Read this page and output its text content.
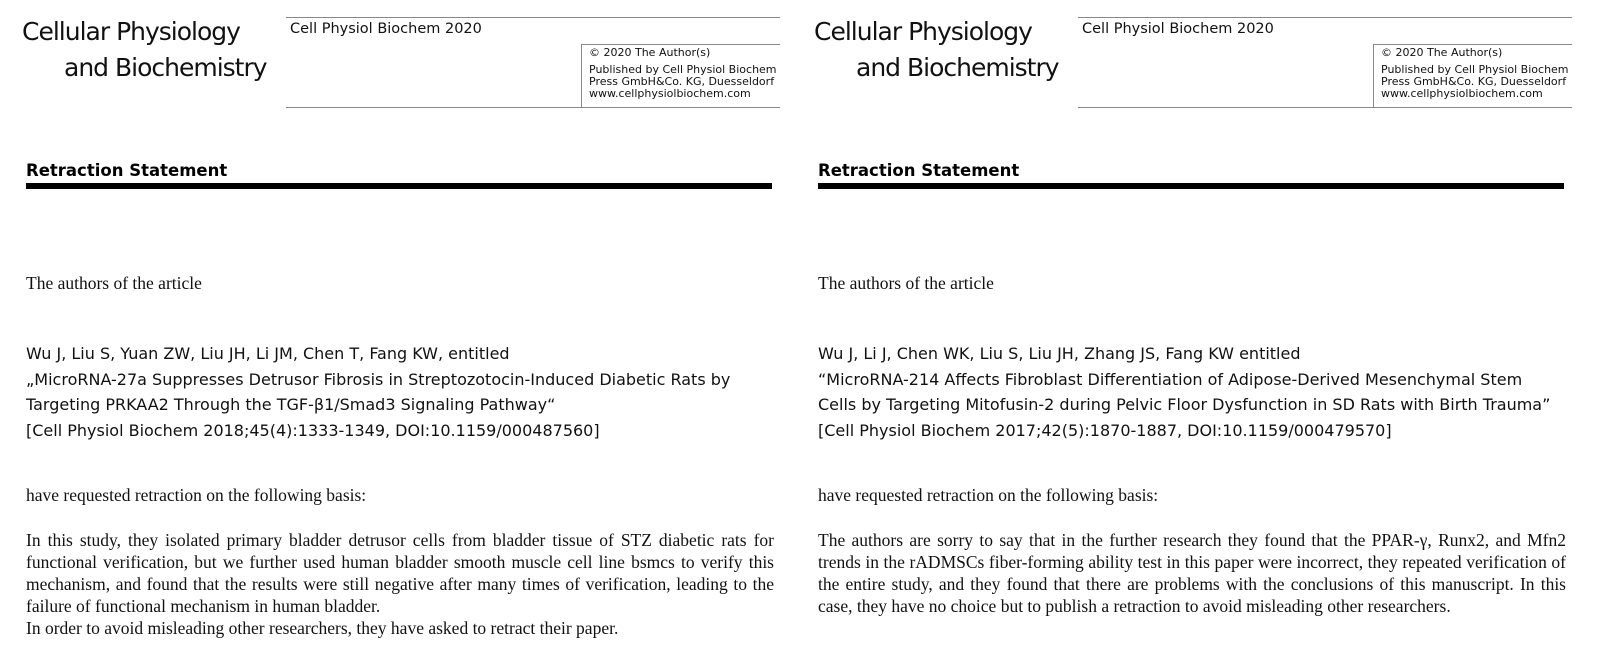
Cellular Physiology
and Biochemistry
Cell Physiol Biochem 2020
© 2020 The Author(s)
Published by Cell Physiol Biochem
Press GmbH&Co. KG, Duesseldorf
www.cellphysiolbiochem.com
Retraction Statement
The authors of the article
Wu J, Liu S, Yuan ZW, Liu JH, Li JM, Chen T, Fang KW, entitled
„MicroRNA-27a Suppresses Detrusor Fibrosis in Streptozotocin-Induced Diabetic Rats by
Targeting PRKAA2 Through the TGF-β1/Smad3 Signaling Pathway“
[Cell Physiol Biochem 2018;45(4):1333-1349, DOI:10.1159/000487560]
have requested retraction on the following basis:

In this study, they isolated primary bladder detrusor cells from bladder tissue of STZ diabetic rats for functional verification, but we further used human bladder smooth muscle cell line bsmcs to verify this mechanism, and found that the results were still negative after many times of verification, leading to the failure of functional mechanism in human bladder.

In order to avoid misleading other researchers, they have asked to retract their paper.

Cellular Physiology
and Biochemistry
Cell Physiol Biochem 2020
© 2020 The Author(s)
Published by Cell Physiol Biochem
Press GmbH&Co. KG, Duesseldorf
www.cellphysiolbiochem.com
Retraction Statement
The authors of the article
Wu J, Li J, Chen WK, Liu S, Liu JH, Zhang JS, Fang KW entitled
“MicroRNA-214 Affects Fibroblast Differentiation of Adipose-Derived Mesenchymal Stem
Cells by Targeting Mitofusin-2 during Pelvic Floor Dysfunction in SD Rats with Birth Trauma”
[Cell Physiol Biochem 2017;42(5):1870-1887, DOI:10.1159/000479570]
have requested retraction on the following basis:

The authors are sorry to say that in the further research they found that the PPAR-γ, Runx2, and Mfn2 trends in the rADMSCs fiber-forming ability test in this paper were incorrect, they repeated verification of the entire study, and they found that there are problems with the conclusions of this manuscript. In this case, they have no choice but to publish a retraction to avoid misleading other researchers.
